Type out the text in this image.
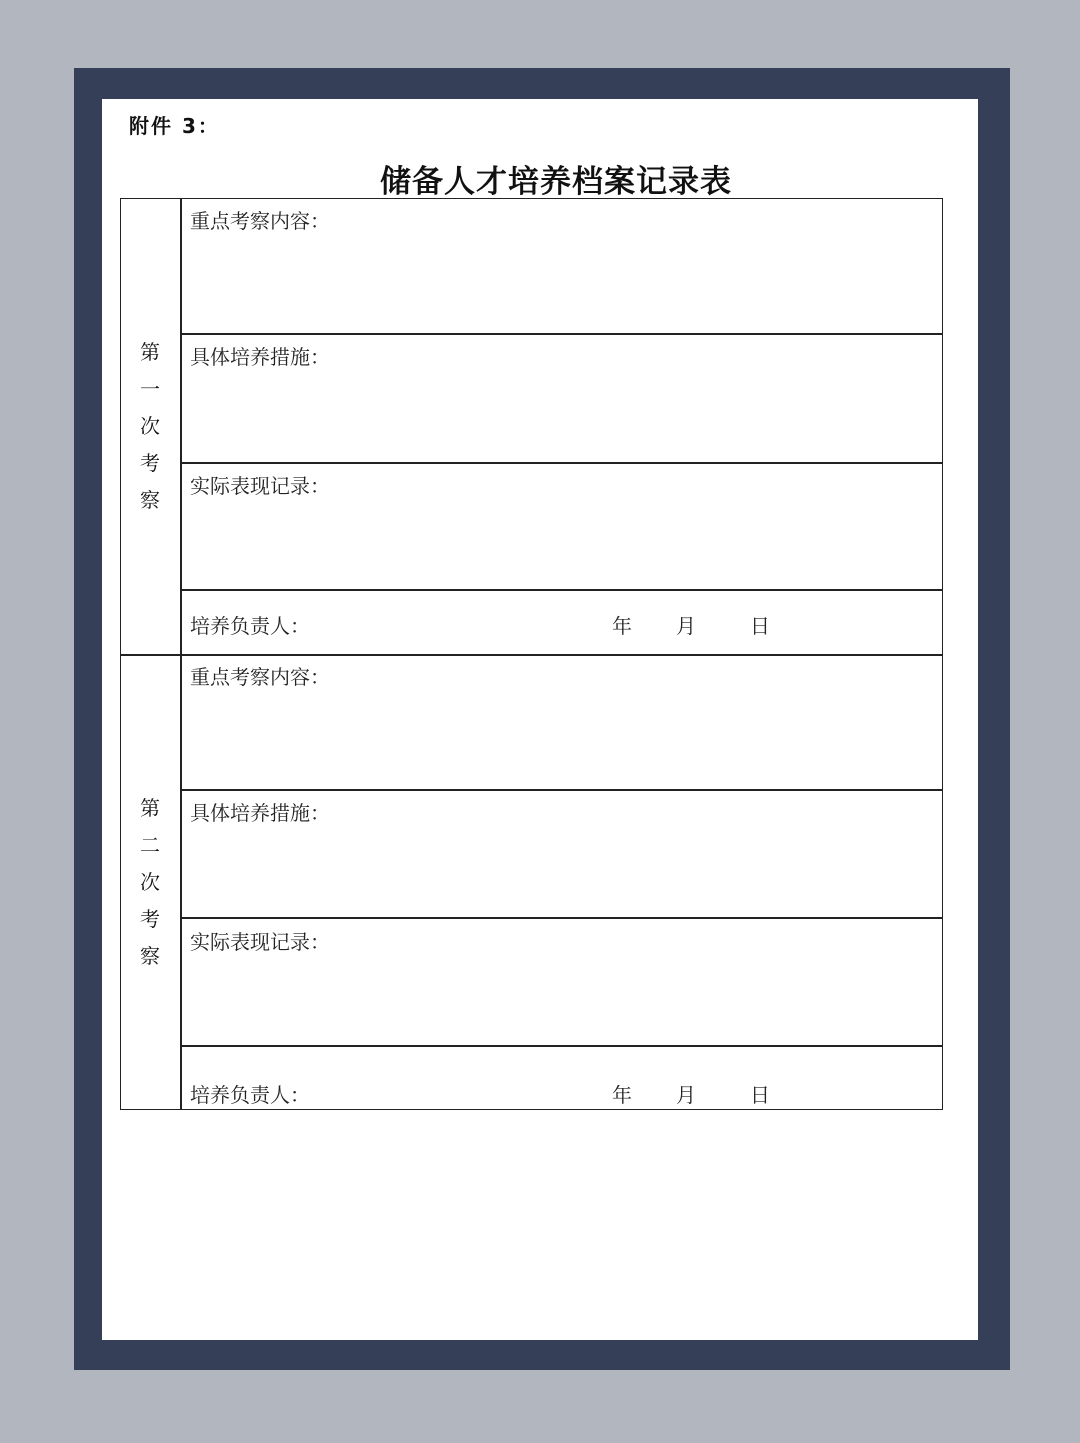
附件 3：
储备人才培养档案记录表
第
一
次
考
察
重点考察内容：
具体培养措施：
实际表现记录：
培养负责人：	年 月	日
第
二
次
考
察
重点考察内容：
具体培养措施：
实际表现记录：
培养负责人：	年 月	日
